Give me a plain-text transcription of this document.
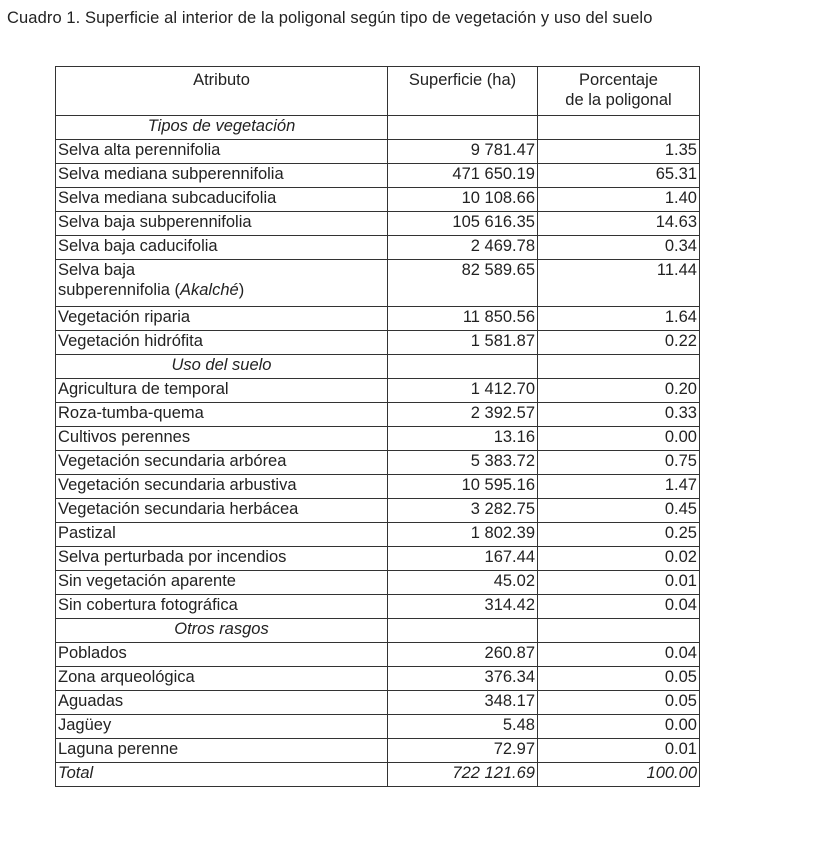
Cuadro 1. Superficie al interior de la poligonal según tipo de vegetación y uso del suelo
Atributo	Superficie (ha)	Porcentaje
de la poligonal
Tipos de vegetación		
Selva alta perennifolia	9 781.47	1.35
Selva mediana subperennifolia	471 650.19	65.31
Selva mediana subcaducifolia	10 108.66	1.40
Selva baja subperennifolia	105 616.35	14.63
Selva baja caducifolia	2 469.78	0.34
Selva baja
subperennifolia (Akalché)	82 589.65	11.44
Vegetación riparia	11 850.56	1.64
Vegetación hidrófita	1 581.87	0.22
Uso del suelo		
Agricultura de temporal	1 412.70	0.20
Roza-tumba-quema	2 392.57	0.33
Cultivos perennes	13.16	0.00
Vegetación secundaria arbórea	5 383.72	0.75
Vegetación secundaria arbustiva	10 595.16	1.47
Vegetación secundaria herbácea	3 282.75	0.45
Pastizal	1 802.39	0.25
Selva perturbada por incendios	167.44	0.02
Sin vegetación aparente	45.02	0.01
Sin cobertura fotográfica	314.42	0.04
Otros rasgos		
Poblados	260.87	0.04
Zona arqueológica	376.34	0.05
Aguadas	348.17	0.05
Jagüey	5.48	0.00
Laguna perenne	72.97	0.01
Total	722 121.69	100.00
